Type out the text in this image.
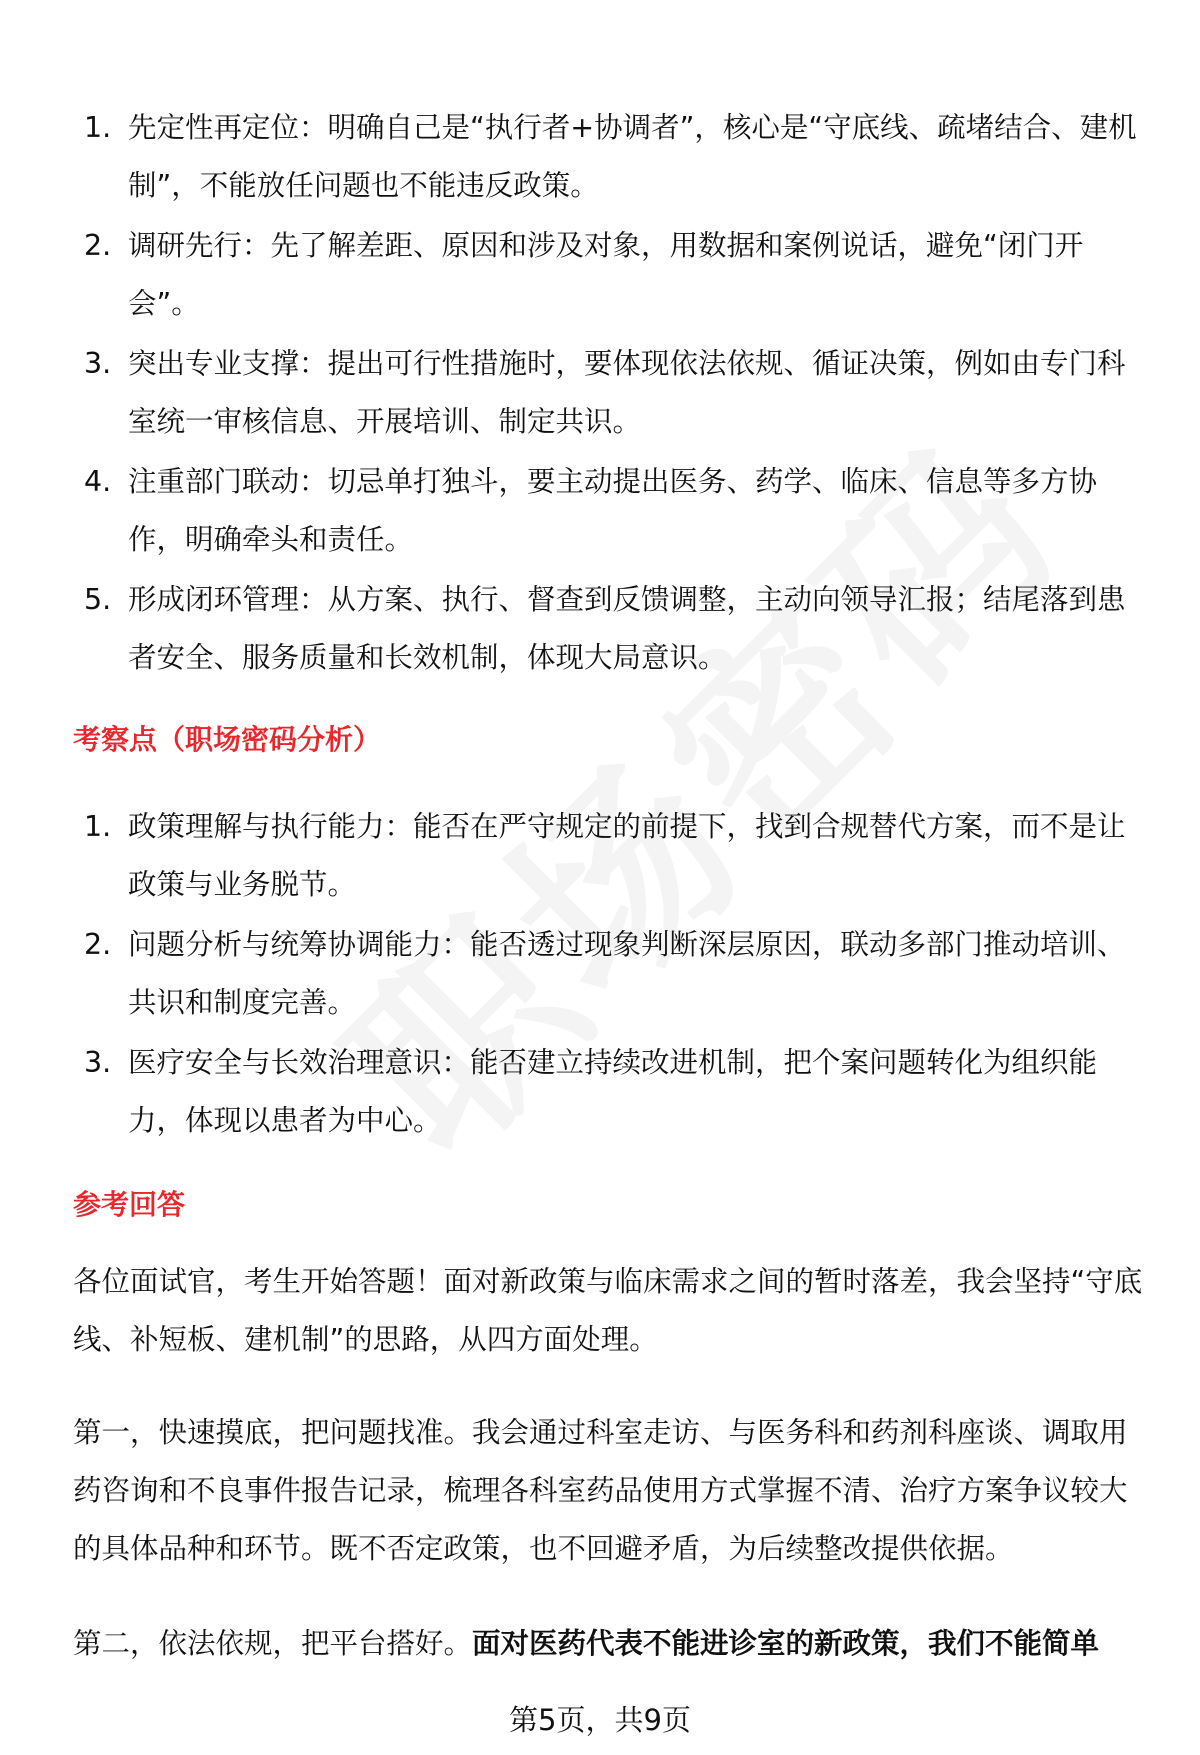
1. 先定性再定位：明确自己是“执行者+协调者”，核心是“守底线、疏堵结合、建机制”，不能放任问题也不能违反政策。
2. 调研先行：先了解差距、原因和涉及对象，用数据和案例说话，避免“闭门开会”。
3. 突出专业支撑：提出可行性措施时，要体现依法依规、循证决策，例如由专门科室统一审核信息、开展培训、制定共识。
4. 注重部门联动：切忌单打独斗，要主动提出医务、药学、临床、信息等多方协作，明确牵头和责任。
5. 形成闭环管理：从方案、执行、督查到反馈调整，主动向领导汇报；结尾落到患者安全、服务质量和长效机制，体现大局意识。
考察点（职场密码分析）
1. 政策理解与执行能力：能否在严守规定的前提下，找到合规替代方案，而不是让政策与业务脱节。
2. 问题分析与统筹协调能力：能否透过现象判断深层原因，联动多部门推动培训、共识和制度完善。
3. 医疗安全与长效治理意识：能否建立持续改进机制，把个案问题转化为组织能力，体现以患者为中心。
参考回答

各位面试官，考生开始答题！面对新政策与临床需求之间的暂时落差，我会坚持“守底线、补短板、建机制”的思路，从四方面处理。

第一，快速摸底，把问题找准。我会通过科室走访、与医务科和药剂科座谈、调取用药咨询和不良事件报告记录，梳理各科室药品使用方式掌握不清、治疗方案争议较大的具体品种和环节。既不否定政策，也不回避矛盾，为后续整改提供依据。

第二，依法依规，把平台搭好。面对医药代表不能进诊室的新政策，我们不能简单

第5页，共9页
